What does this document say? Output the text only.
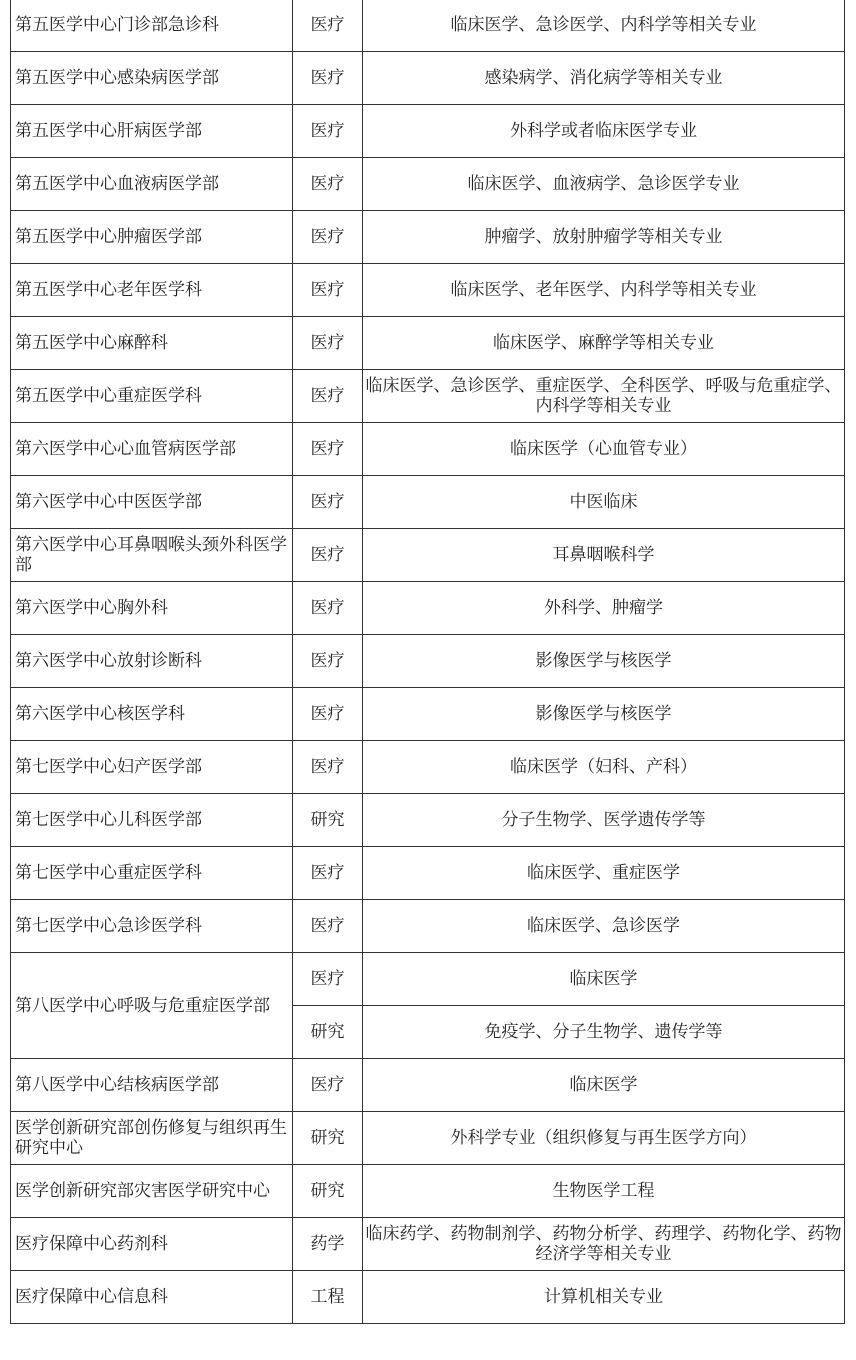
第五医学中心门诊部急诊科	医疗	临床医学、急诊医学、内科学等相关专业
第五医学中心感染病医学部	医疗	感染病学、消化病学等相关专业
第五医学中心肝病医学部	医疗	外科学或者临床医学专业
第五医学中心血液病医学部	医疗	临床医学、血液病学、急诊医学专业
第五医学中心肿瘤医学部	医疗	肿瘤学、放射肿瘤学等相关专业
第五医学中心老年医学科	医疗	临床医学、老年医学、内科学等相关专业
第五医学中心麻醉科	医疗	临床医学、麻醉学等相关专业
第五医学中心重症医学科	医疗	临床医学、急诊医学、重症医学、全科医学、呼吸与危重症学、内科学等相关专业
第六医学中心心血管病医学部	医疗	临床医学（心血管专业）
第六医学中心中医医学部	医疗	中医临床
第六医学中心耳鼻咽喉头颈外科医学部	医疗	耳鼻咽喉科学
第六医学中心胸外科	医疗	外科学、肿瘤学
第六医学中心放射诊断科	医疗	影像医学与核医学
第六医学中心核医学科	医疗	影像医学与核医学
第七医学中心妇产医学部	医疗	临床医学（妇科、产科）
第七医学中心儿科医学部	研究	分子生物学、医学遗传学等
第七医学中心重症医学科	医疗	临床医学、重症医学
第七医学中心急诊医学科	医疗	临床医学、急诊医学
第八医学中心呼吸与危重症医学部	医疗	临床医学
	研究	免疫学、分子生物学、遗传学等
第八医学中心结核病医学部	医疗	临床医学
医学创新研究部创伤修复与组织再生研究中心	研究	外科学专业（组织修复与再生医学方向）
医学创新研究部灾害医学研究中心	研究	生物医学工程
医疗保障中心药剂科	药学	临床药学、药物制剂学、药物分析学、药理学、药物化学、药物经济学等相关专业
医疗保障中心信息科	工程	计算机相关专业
